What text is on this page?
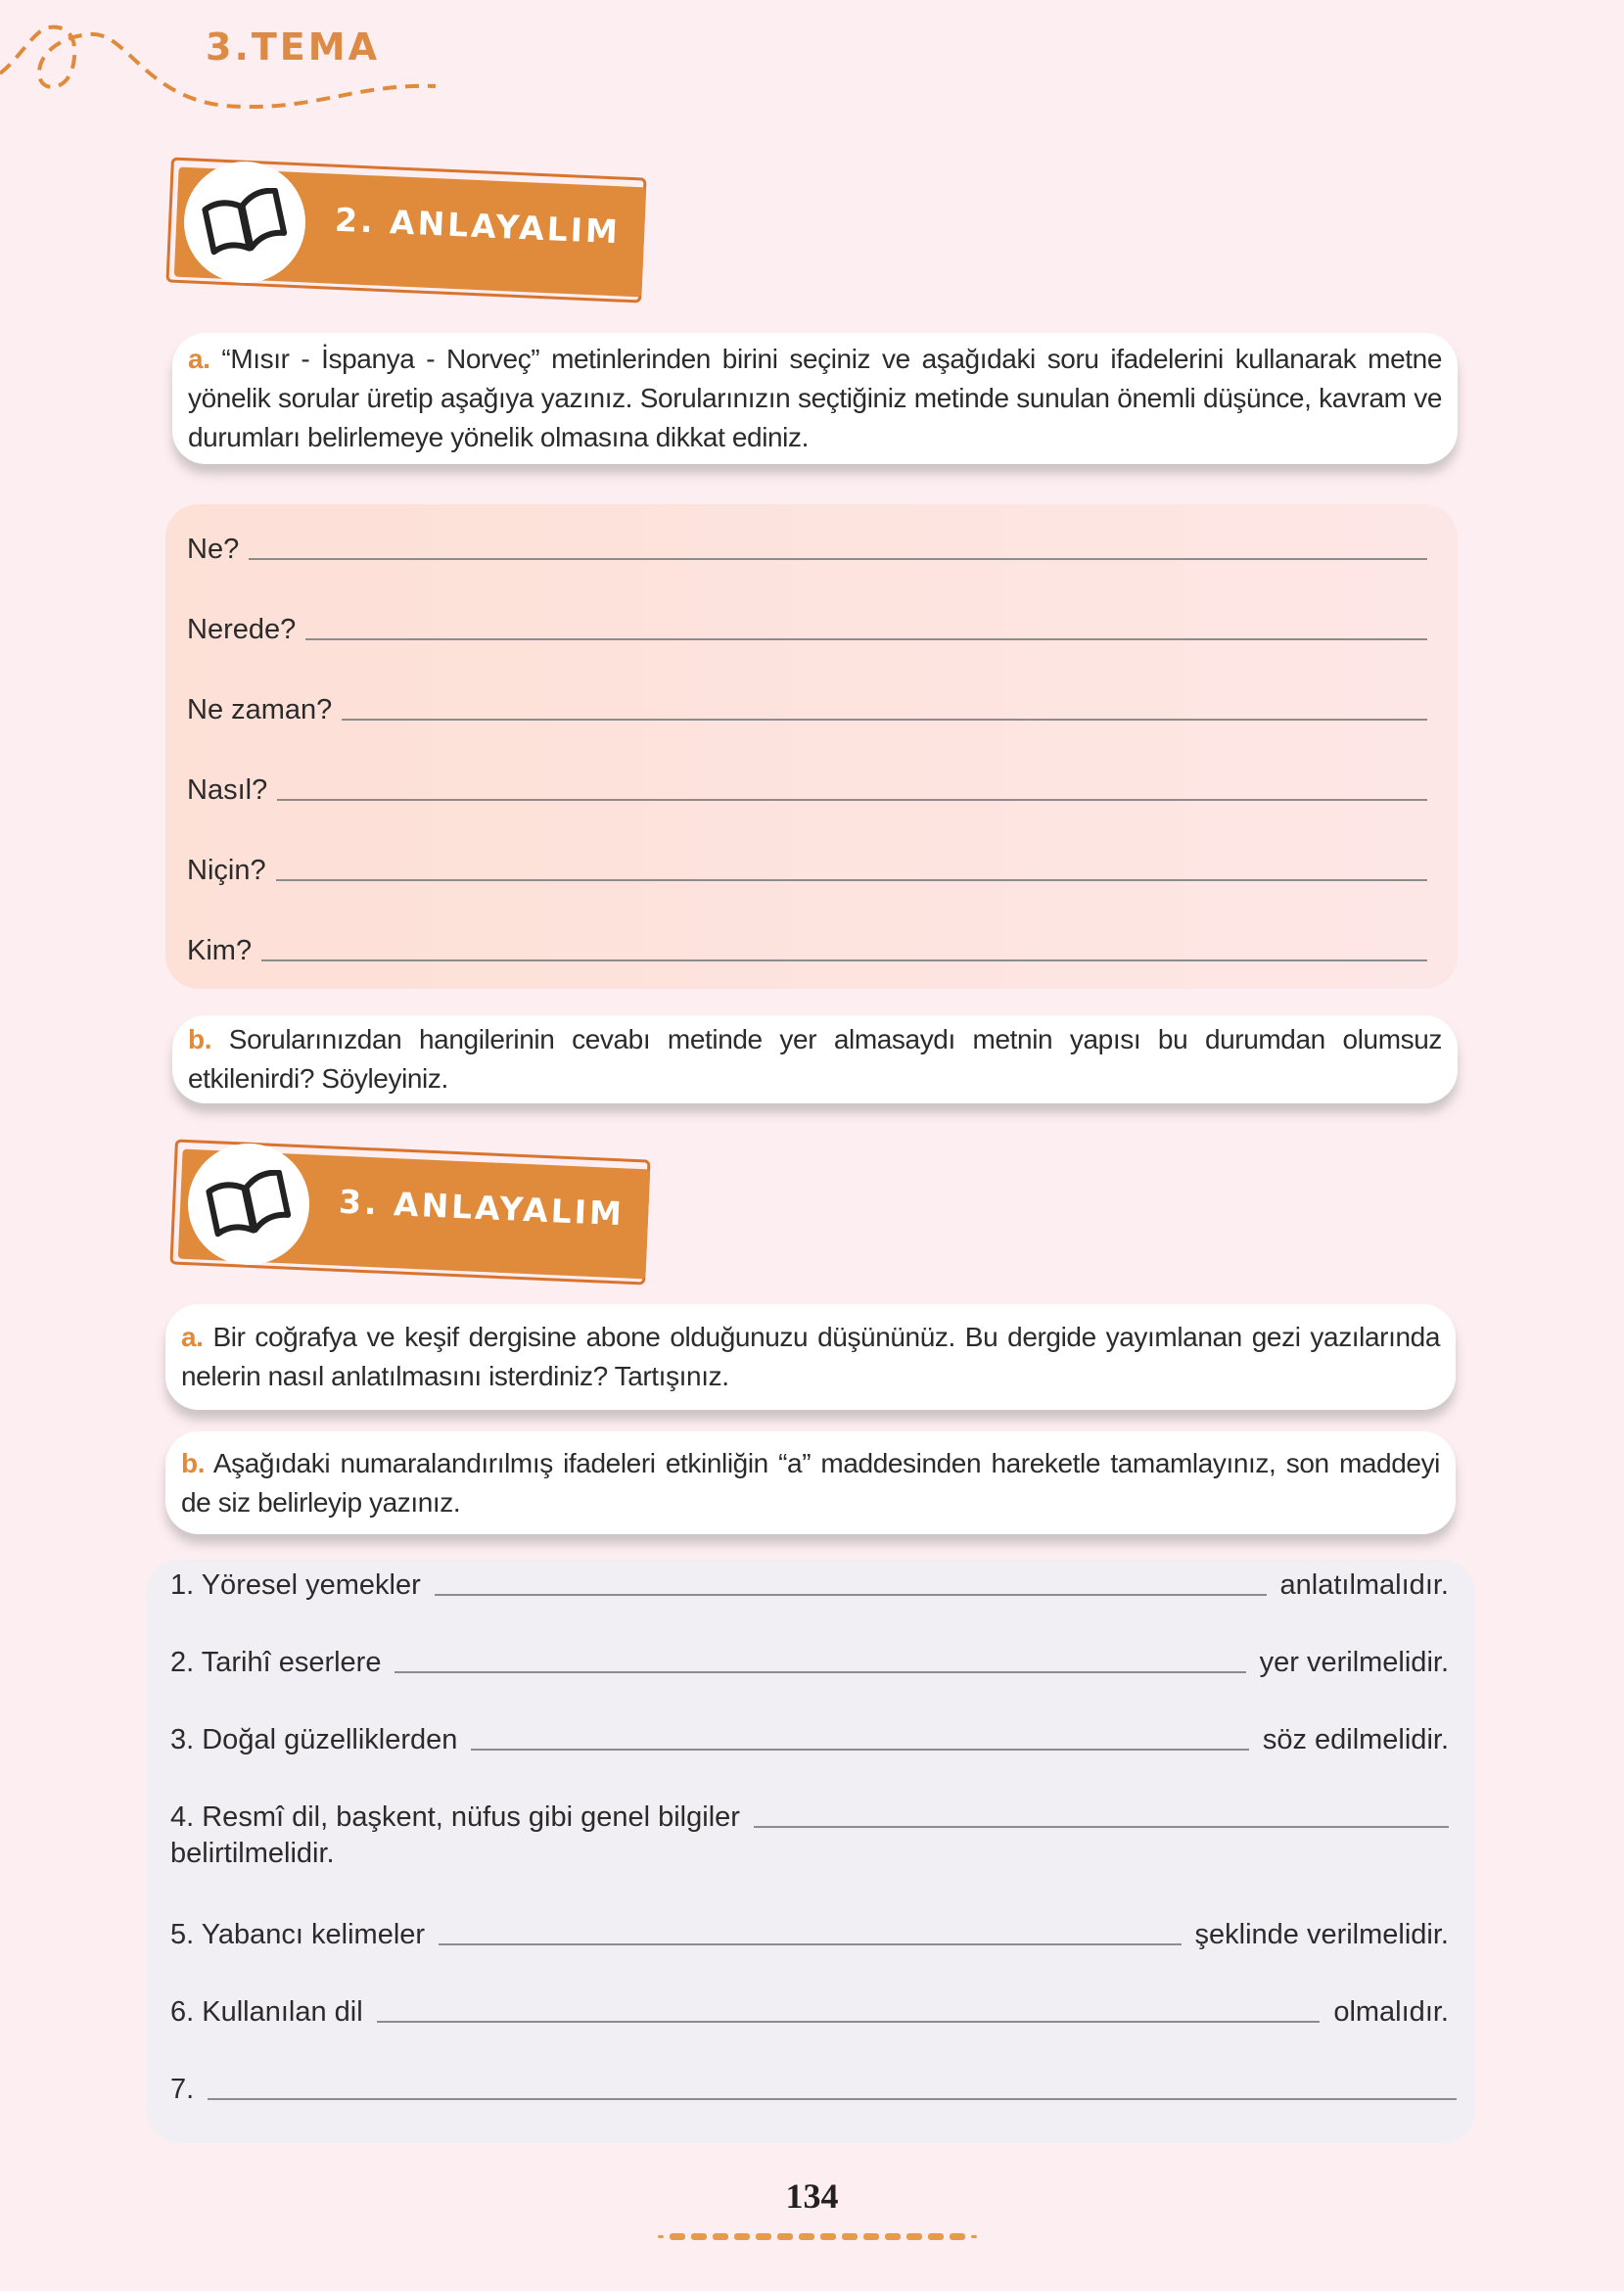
3.TEMA
2. ANLAYALIM
a. “Mısır - İspanya - Norveç” metinlerinden birini seçiniz ve aşağıdaki soru ifadelerini kullanarak metne yönelik sorular üretip aşağıya yazınız. Sorularınızın seçtiğiniz metinde sunulan önemli düşünce, kavram ve durumları belirlemeye yönelik olmasına dikkat ediniz.
Ne?
Nerede?
Ne zaman?
Nasıl?
Niçin?
Kim?
b. Sorularınızdan hangilerinin cevabı metinde yer almasaydı metnin yapısı bu durumdan olumsuz etkilenirdi? Söyleyiniz.
3. ANLAYALIM
a. Bir coğrafya ve keşif dergisine abone olduğunuzu düşününüz. Bu dergide yayımlanan gezi yazılarında nelerin nasıl anlatılmasını isterdiniz? Tartışınız.
b. Aşağıdaki numaralandırılmış ifadeleri etkinliğin “a” maddesinden hareketle tamamlayınız, son maddeyi de siz belirleyip yazınız.
1. Yöresel yemekler	anlatılmalıdır.
2. Tarihî eserlere	yer verilmelidir.
3. Doğal güzelliklerden	söz edilmelidir.
4. Resmî dil, başkent, nüfus gibi genel bilgiler
belirtilmelidir.
5. Yabancı kelimeler	şeklinde verilmelidir.
6. Kullanılan dil	olmalıdır.
7.
134
